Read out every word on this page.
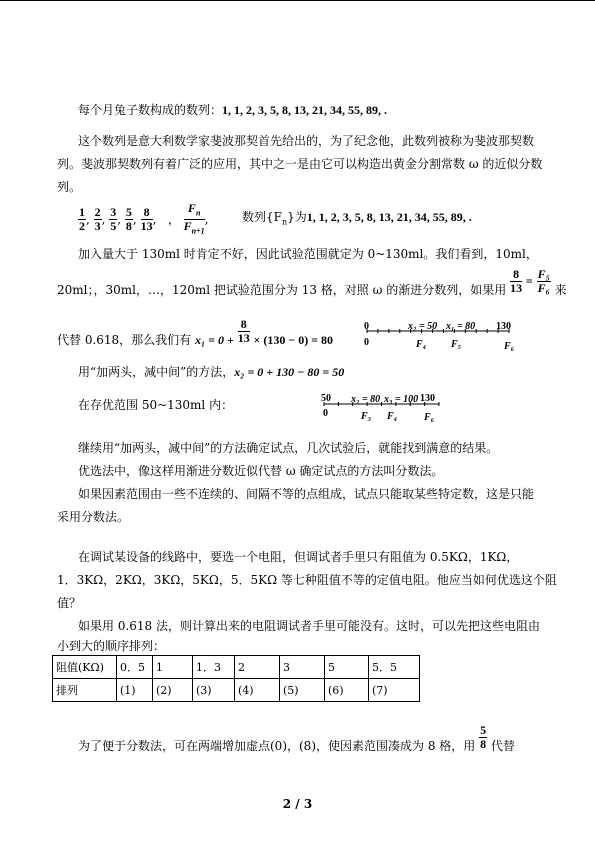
每个月兔子数构成的数列：1, 1, 2, 3, 5, 8, 13, 21, 34, 55, 89, .
这个数列是意大利数学家斐波那契首先给出的，为了纪念他，此数列被称为斐波那契数
列。斐波那契数列有着广泛的应用，其中之一是由它可以构造出黄金分割常数 ω 的近似分数
列。
$\frac{1}{2}$ , $\frac{2}{3}$ , $\frac{3}{5}$ , $\frac{5}{8}$ , $\frac{8}{13}$ ,   ， $\frac{F_n}{F_{n+1}}$ ,	数列$\{F_n\}$为1, 1, 2, 3, 5, 8, 13, 21, 34, 55, 89, .
加入量大于 130ml 时肯定不好，因此试验范围就定为 0~130ml。我们看到，10ml，
20ml；，30ml，…，120ml 把试验范围分为 13 格，对照 ω 的渐进分数列，如果用 $\frac{8}{13} = \frac{\text{F₅}}{\text{F₆}}$ 来
代替 0.618，那么我们有 $x_1 = 0 + \frac{8}{13} \times (130 - 0) = 80$
0	x₂ = 50 x₁ = 80 130
0	F₄ F₅	F₆
用“加两头，减中间”的方法，x₂ = 0 + 130 − 80 = 50
在存优范围 50~130ml 内：	50 x₂ = 80 x₃ = 100 130
0	F₃ F₄	F₆
继续用“加两头，减中间”的方法确定试点，几次试验后，就能找到满意的结果。
优选法中，像这样用渐进分数近似代替 ω 确定试点的方法叫分数法。
如果因素范围由一些不连续的、间隔不等的点组成，试点只能取某些特定数，这是只能
采用分数法。
在调试某设备的线路中，要选一个电阻，但调试者手里只有阻值为 0.5KΩ，1KΩ，
1．3KΩ，2KΩ，3KΩ，5KΩ，5．5KΩ 等七种阻值不等的定值电阻。他应当如何优选这个阻
值？
如果用 0.618 法，则计算出来的电阻调试者手里可能没有。这时，可以先把这些电阻由
小到大的顺序排列：
阻值(KΩ)	0．5	1	1．3	2	3	5	5．5
排列	(1)	(2)	(3)	(4)	(5)	(6)	(7)
为了便于分数法，可在两端增加虚点(0)，(8)，使因素范围凑成为 8 格，用 $\frac{5}{8}$ 代替
2 / 3
